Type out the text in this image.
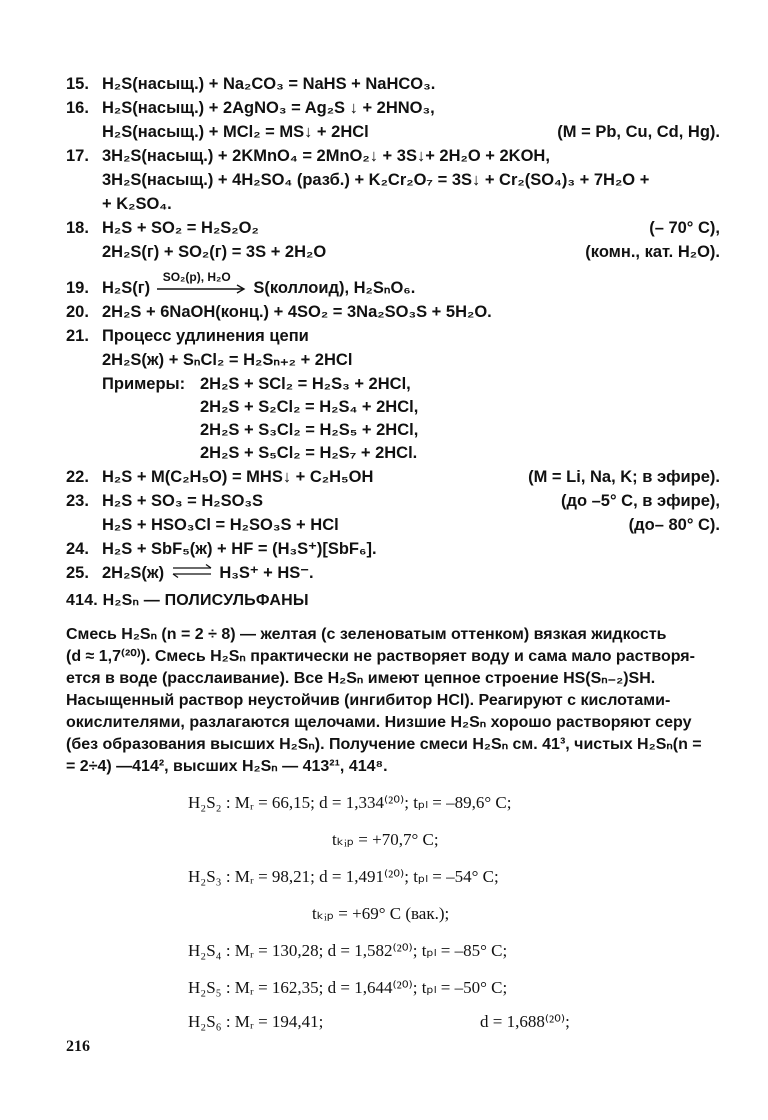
15. H₂S(насыщ.) + Na₂CO₃ = NaHS + NaHCO₃.
16. H₂S(насыщ.) + 2AgNO₃ = Ag₂S ↓ + 2HNO₃,
H₂S(насыщ.) + MCl₂ = MS↓ + 2HCl	(M = Pb, Cu, Cd, Hg).
17. 3H₂S(насыщ.) + 2KMnO₄ = 2MnO₂↓ + 3S↓+ 2H₂O + 2KOH,
3H₂S(насыщ.) + 4H₂SO₄ (разб.) + K₂Cr₂O₇ = 3S↓ + Cr₂(SO₄)₃ + 7H₂O +
+ K₂SO₄.
18. H₂S + SO₂ = H₂S₂O₂	(– 70° C),
2H₂S(г) + SO₂(г) = 3S + 2H₂O	(комн., кат. H₂O).
19. H₂S(г)
SO₂(р), H₂O
S(коллоид), H₂SₙO₆.
20. 2H₂S + 6NaOH(конц.) + 4SO₂ = 3Na₂SO₃S + 5H₂O.
21. Процесс удлинения цепи
2H₂S(ж) + SₙCl₂ = H₂Sₙ₊₂ + 2HCl
Примеры: 2H₂S + SCl₂ = H₂S₃ + 2HCl,
2H₂S + S₂Cl₂ = H₂S₄ + 2HCl,
2H₂S + S₃Cl₂ = H₂S₅ + 2HCl,
2H₂S + S₅Cl₂ = H₂S₇ + 2HCl.
22. H₂S + M(C₂H₅O) = MHS↓ + C₂H₅OH	(M = Li, Na, K; в эфире).
23. H₂S + SO₃ = H₂SO₃S	(до –5° C, в эфире),
H₂S + HSO₃Cl = H₂SO₃S + HCl	(до– 80° C).
24. H₂S + SbF₅(ж) + HF = (H₃S⁺)[SbF₆].
25. 2H₂S(ж) ⇌ H₃S⁺ + HS⁻.
414. H₂Sₙ — ПОЛИСУЛЬФАНЫ
Смесь H₂Sₙ (n = 2 ÷ 8) — желтая (с зеленоватым оттенком) вязкая жидкость
(d ≈ 1,7⁽²⁰⁾). Смесь H₂Sₙ практически не растворяет воду и сама мало растворя-
ется в воде (расслаивание). Все H₂Sₙ имеют цепное строение HS(Sₙ₋₂)SH.
Насыщенный раствор неустойчив (ингибитор HCl). Реагируют с кислотами-
окислителями, разлагаются щелочами. Низшие H₂Sₙ хорошо растворяют серу
(без образования высших H₂Sₙ). Получение смеси H₂Sₙ см. 41³, чистых H₂Sₙ(n =
= 2÷4) —414², высших H₂Sₙ — 413²¹, 414⁸.
H₂S₂ : Mᵣ = 66,15; d = 1,334⁽²⁰⁾; tₚₗ = –89,6° C;
tₖᵢₚ = +70,7° C;
H₂S₃ : Mᵣ = 98,21; d = 1,491⁽²⁰⁾; tₚₗ = –54° C;
tₖᵢₚ = +69° C (вак.);
H₂S₄ : Mᵣ = 130,28; d = 1,582⁽²⁰⁾; tₚₗ = –85° C;
H₂S₅ : Mᵣ = 162,35; d = 1,644⁽²⁰⁾; tₚₗ = –50° C;
H₂S₆ : Mᵣ = 194,41;	d = 1,688⁽²⁰⁾;
216
